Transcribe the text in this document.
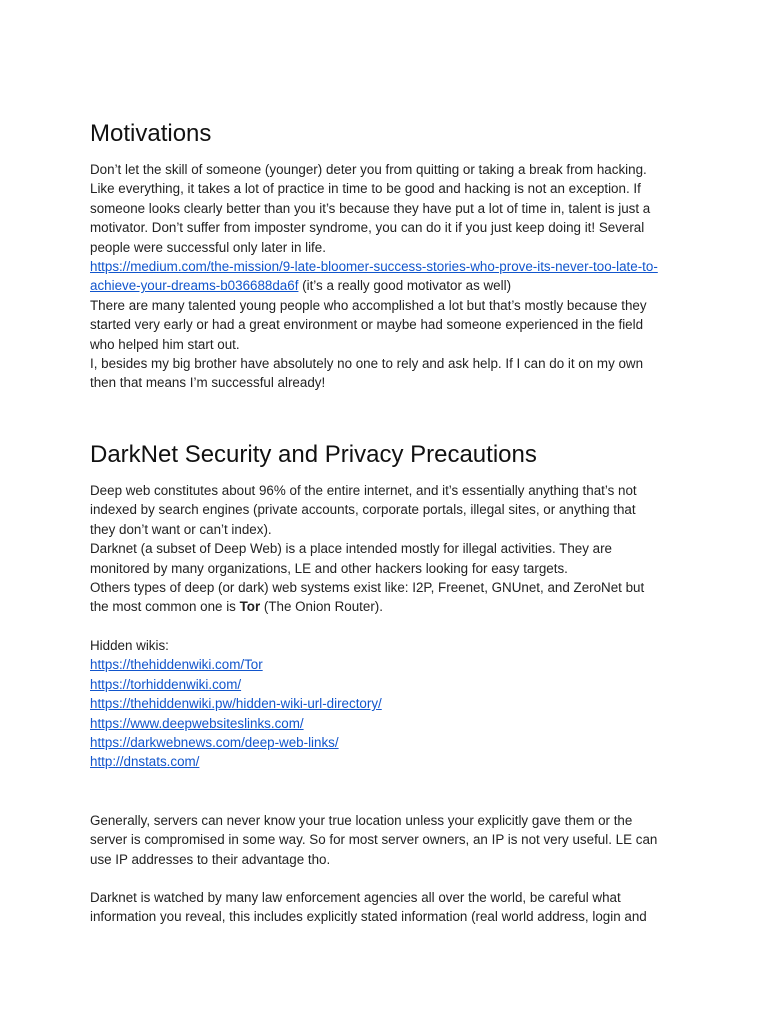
Motivations

Don’t let the skill of someone (younger) deter you from quitting or taking a break from hacking.

Like everything, it takes a lot of practice in time to be good and hacking is not an exception. If

someone looks clearly better than you it’s because they have put a lot of time in, talent is just a

motivator. Don’t suffer from imposter syndrome, you can do it if you just keep doing it! Several

people were successful only later in life.

https://medium.com/the-mission/9-late-bloomer-success-stories-who-prove-its-never-too-late-to-

achieve-your-dreams-b036688da6f (it’s a really good motivator as well)

There are many talented young people who accomplished a lot but that’s mostly because they

started very early or had a great environment or maybe had someone experienced in the field

who helped him start out.

I, besides my big brother have absolutely no one to rely and ask help. If I can do it on my own

then that means I’m successful already!

DarkNet Security and Privacy Precautions

Deep web constitutes about 96% of the entire internet, and it’s essentially anything that’s not

indexed by search engines (private accounts, corporate portals, illegal sites, or anything that

they don’t want or can’t index).

Darknet (a subset of Deep Web) is a place intended mostly for illegal activities. They are

monitored by many organizations, LE and other hackers looking for easy targets.

Others types of deep (or dark) web systems exist like: I2P, Freenet, GNUnet, and ZeroNet but

the most common one is Tor (The Onion Router).

Hidden wikis:

https://thehiddenwiki.com/Tor

https://torhiddenwiki.com/

https://thehiddenwiki.pw/hidden-wiki-url-directory/

https://www.deepwebsiteslinks.com/

https://darkwebnews.com/deep-web-links/

http://dnstats.com/

Generally, servers can never know your true location unless your explicitly gave them or the

server is compromised in some way. So for most server owners, an IP is not very useful. LE can

use IP addresses to their advantage tho.

Darknet is watched by many law enforcement agencies all over the world, be careful what

information you reveal, this includes explicitly stated information (real world address, login and
